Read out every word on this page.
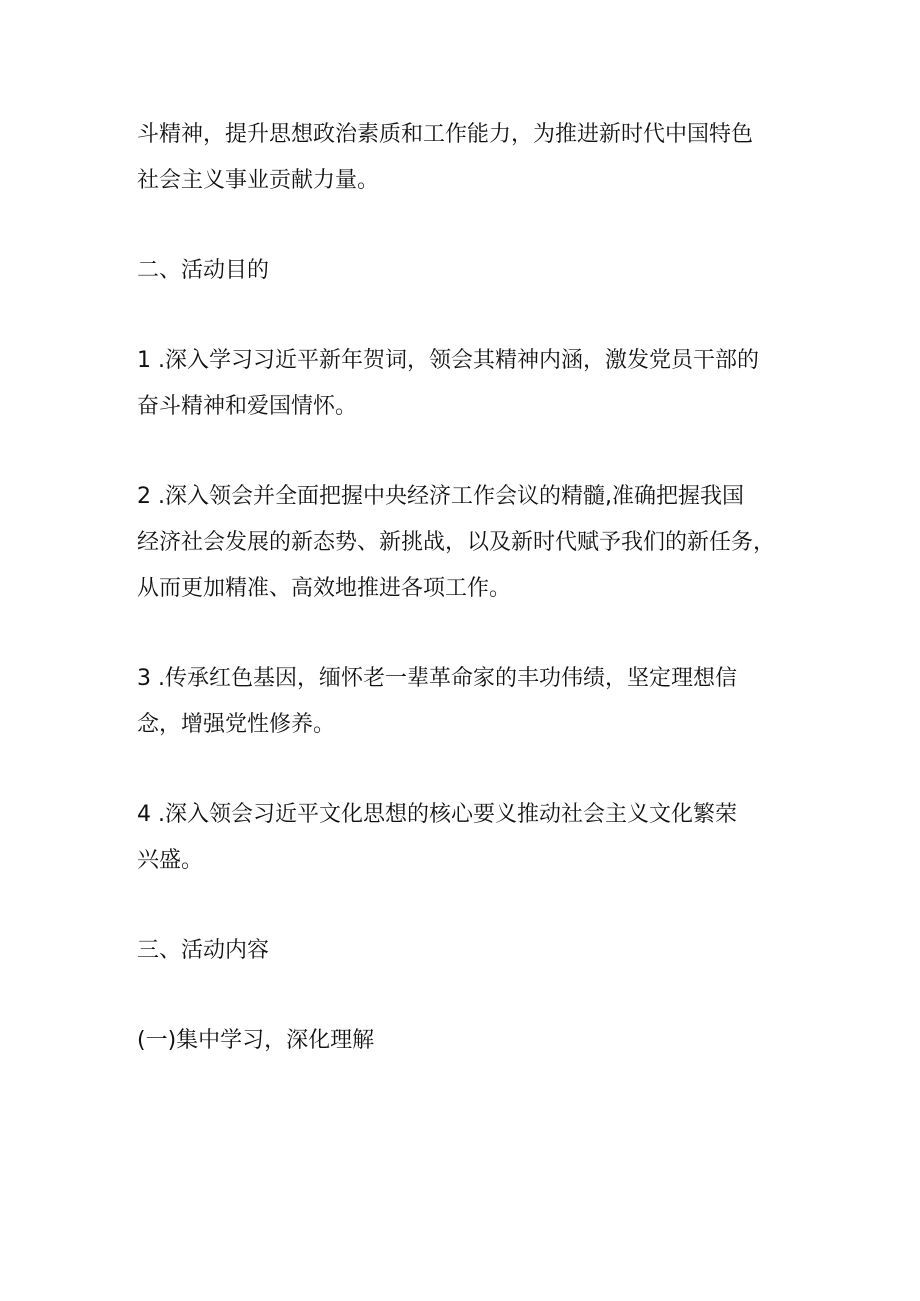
斗精神，提升思想政治素质和工作能力，为推进新时代中国特色
社会主义事业贡献力量。

二、活动目的

1 .深入学习习近平新年贺词，领会其精神内涵，激发党员干部的
奋斗精神和爱国情怀。

2 .深入领会并全面把握中央经济工作会议的精髓,准确把握我国
经济社会发展的新态势、新挑战，以及新时代赋予我们的新任务，
从而更加精准、高效地推进各项工作。

3 .传承红色基因，缅怀老一辈革命家的丰功伟绩，坚定理想信
念，增强党性修养。

4 .深入领会习近平文化思想的核心要义推动社会主义文化繁荣
兴盛。

三、活动内容

(一)集中学习，深化理解
